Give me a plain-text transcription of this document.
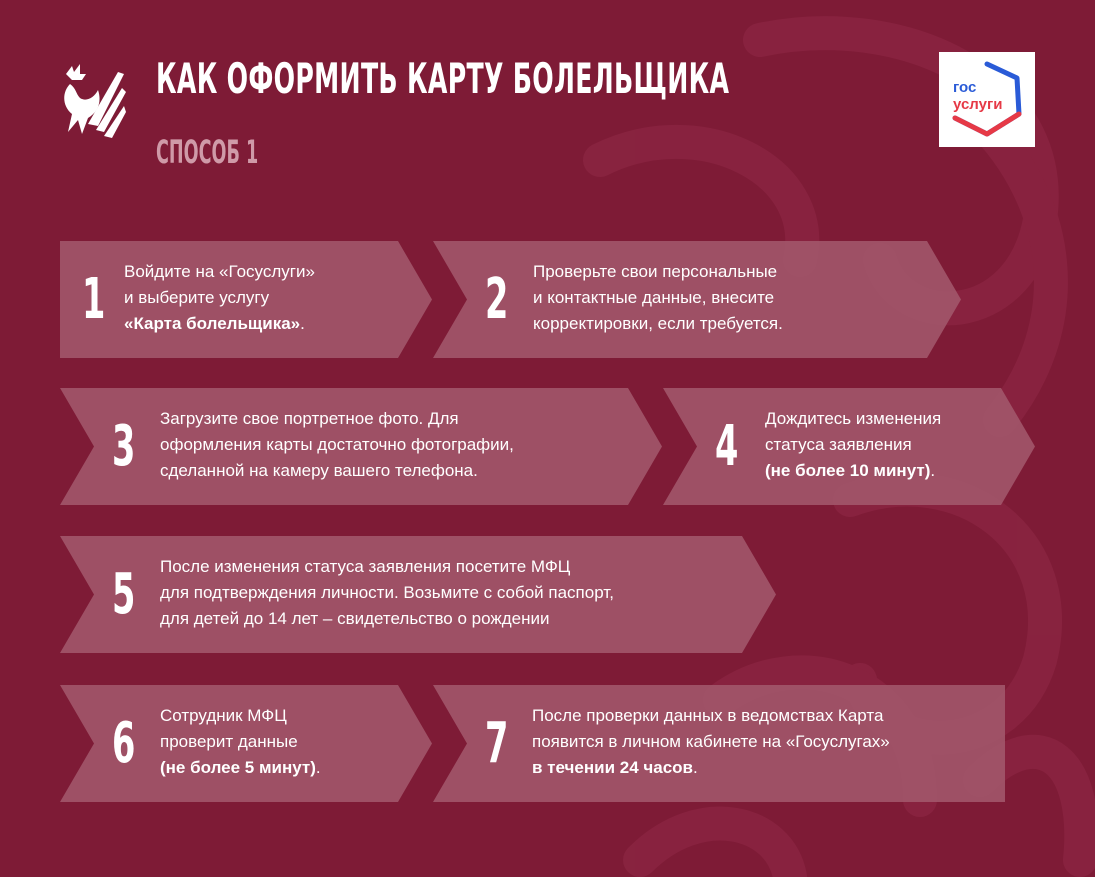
КАК ОФОРМИТЬ КАРТУ БОЛЕЛЬЩИКА
СПОСОБ 1
гос
услуги
1 Войдите на «Госуслуги»
и выберите услугу
«Карта болельщика».	2 Проверьте свои персональные
и контактные данные, внесите
корректировки, если требуется.
3 Загрузите свое портретное фото. Для
оформления карты достаточно фотографии,
сделанной на камеру вашего телефона.	4 Дождитесь изменения
статуса заявления
(не более 10 минут).
5 После изменения статуса заявления посетите МФЦ
для подтверждения личности. Возьмите с собой паспорт,
для детей до 14 лет – свидетельство о рождении
6 Сотрудник МФЦ
проверит данные
(не более 5 минут).	7 После проверки данных в ведомствах Карта
появится в личном кабинете на «Госуслугах»
в течении 24 часов.
